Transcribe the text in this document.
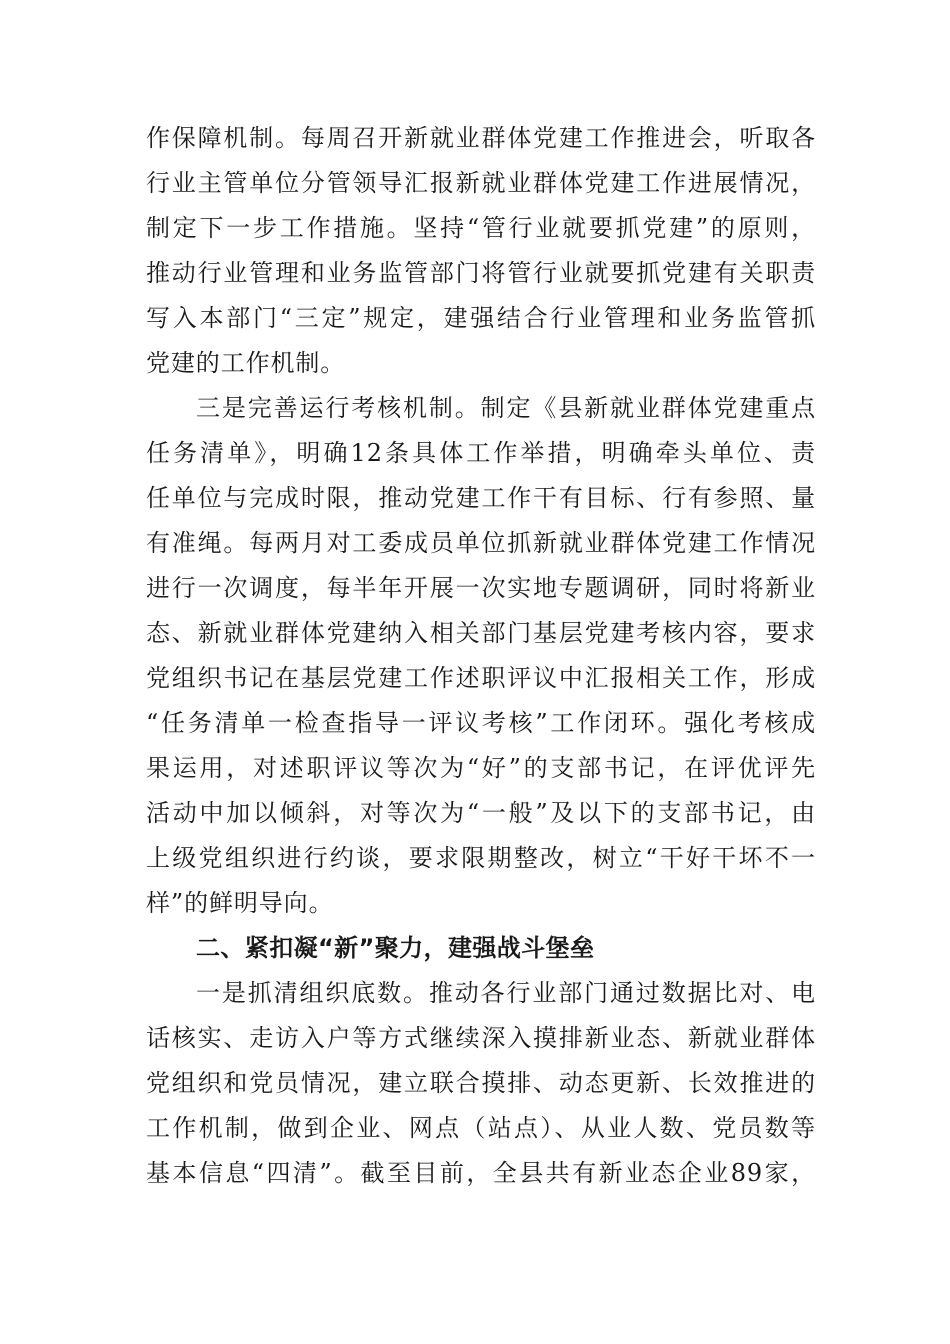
作保障机制。每周召开新就业群体党建工作推进会，听取各
行业主管单位分管领导汇报新就业群体党建工作进展情况，
制定下一步工作措施。坚持“管行业就要抓党建”的原则，
推动行业管理和业务监管部门将管行业就要抓党建有关职责
写入本部门“三定”规定，建强结合行业管理和业务监管抓
党建的工作机制。
三是完善运行考核机制。制定《县新就业群体党建重点
任务清单》，明确12条具体工作举措，明确牵头单位、责
任单位与完成时限，推动党建工作干有目标、行有参照、量
有准绳。每两月对工委成员单位抓新就业群体党建工作情况
进行一次调度，每半年开展一次实地专题调研，同时将新业
态、新就业群体党建纳入相关部门基层党建考核内容，要求
党组织书记在基层党建工作述职评议中汇报相关工作，形成
“任务清单一检查指导一评议考核”工作闭环。强化考核成
果运用，对述职评议等次为“好”的支部书记，在评优评先
活动中加以倾斜，对等次为“一般”及以下的支部书记，由
上级党组织进行约谈，要求限期整改，树立“干好干坏不一
样”的鲜明导向。
二、紧扣凝“新”聚力，建强战斗堡垒
一是抓清组织底数。推动各行业部门通过数据比对、电
话核实、走访入户等方式继续深入摸排新业态、新就业群体
党组织和党员情况，建立联合摸排、动态更新、长效推进的
工作机制，做到企业、网点（站点）、从业人数、党员数等
基本信息“四清”。截至目前，全县共有新业态企业89家，
